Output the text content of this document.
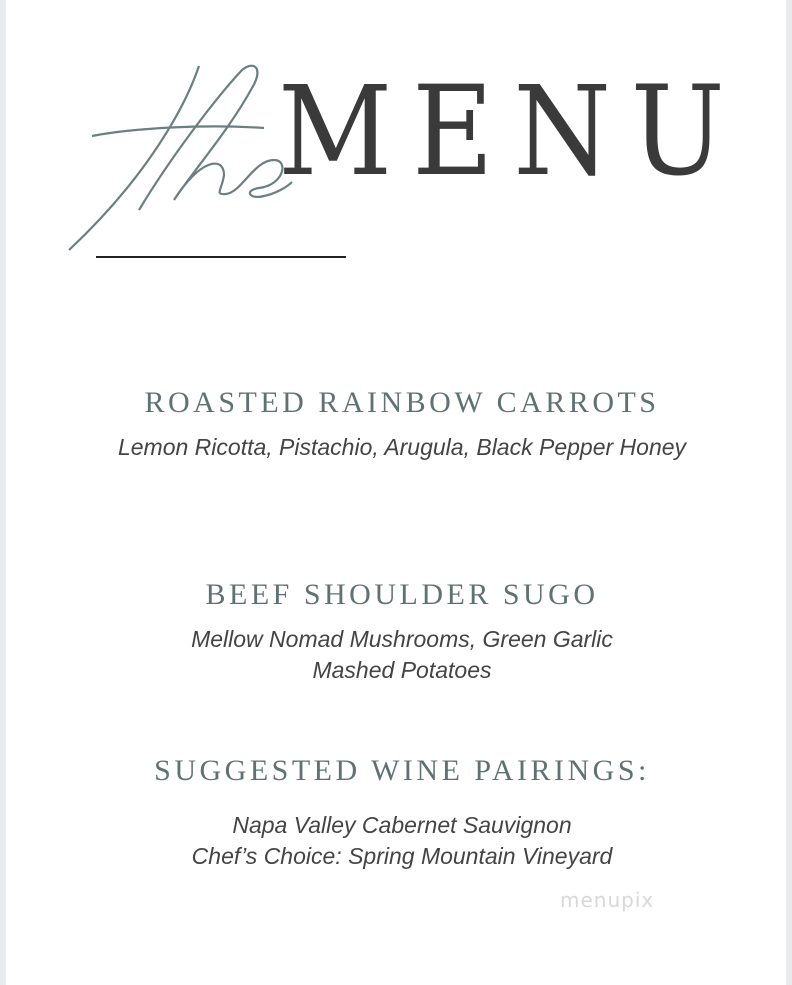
MENU
ROASTED RAINBOW CARROTS
Lemon Ricotta, Pistachio, Arugula, Black Pepper Honey
BEEF SHOULDER SUGO
Mellow Nomad Mushrooms, Green Garlic
Mashed Potatoes
SUGGESTED WINE PAIRINGS:
Napa Valley Cabernet Sauvignon
Chef’s Choice: Spring Mountain Vineyard
menupix
